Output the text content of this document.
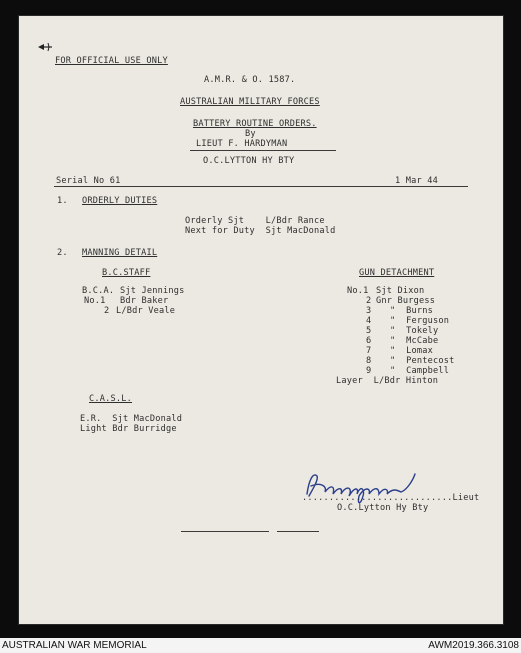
FOR OFFICIAL USE ONLY
A.M.R. & O. 1587.
AUSTRALIAN MILITARY FORCES
BATTERY ROUTINE ORDERS.
By
LIEUT F. HARDYMAN
O.C.LYTTON HY BTY
Serial No 61	1 Mar 44
1. ORDERLY DUTIES
Orderly Sjt    L/Bdr Rance
Next for Duty  Sjt MacDonald
2. MANNING DETAIL
B.C.STAFF
B.C.A. Sjt Jennings
No.1 Bdr Baker
2 L/Bdr Veale
GUN DETACHMENT
No.1 Sjt Dixon
2 Gnr Burgess
3 "  Burns
4 "  Ferguson
5 "  Tokely
6 "  McCabe
7 "  Lomax
8 "  Pentecost
9 "  Campbell
Layer  L/Bdr Hinton
C.A.S.L.
E.R.  Sjt MacDonald
Light Bdr Burridge
............................Lieut
O.C.Lytton Hy Bty
AUSTRALIAN WAR MEMORIAL	AWM2019.366.3108
